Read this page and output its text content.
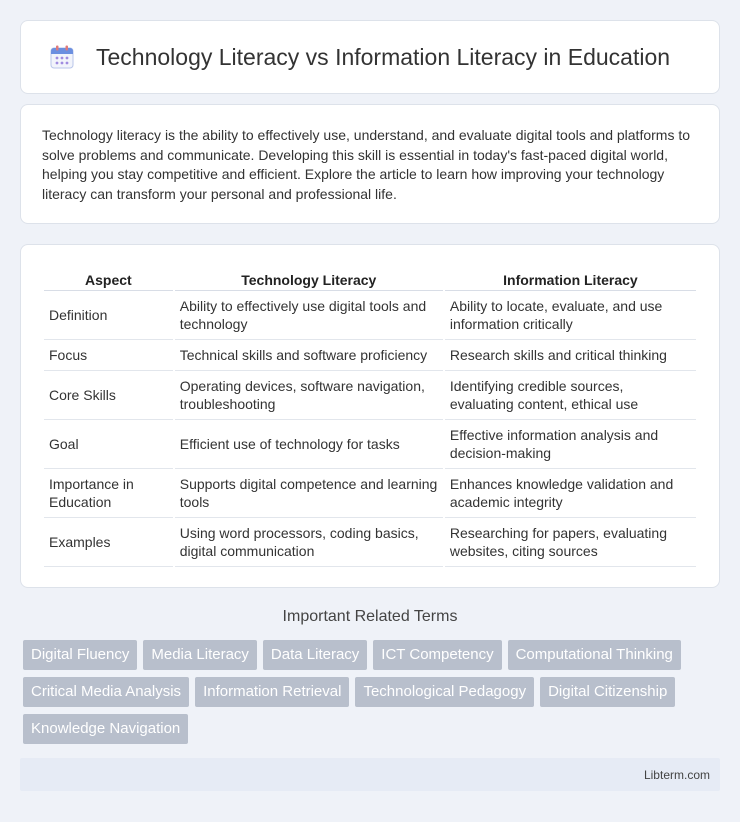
Technology Literacy vs Information Literacy in Education

Technology literacy is the ability to effectively use, understand, and evaluate digital tools and platforms to solve problems and communicate. Developing this skill is essential in today's fast-paced digital world, helping you stay competitive and efficient. Explore the article to learn how improving your technology literacy can transform your personal and professional life.

Aspect	Technology Literacy	Information Literacy
Definition	Ability to effectively use digital tools and technology	Ability to locate, evaluate, and use information critically
Focus	Technical skills and software proficiency	Research skills and critical thinking
Core Skills	Operating devices, software navigation, troubleshooting	Identifying credible sources, evaluating content, ethical use
Goal	Efficient use of technology for tasks	Effective information analysis and decision-making
Importance in Education	Supports digital competence and learning tools	Enhances knowledge validation and academic integrity
Examples	Using word processors, coding basics, digital communication	Researching for papers, evaluating websites, citing sources
Important Related Terms
Digital Fluency	Media Literacy	Data Literacy	ICT Competency	Computational Thinking
Critical Media Analysis	Information Retrieval	Technological Pedagogy	Digital Citizenship
Knowledge Navigation
Libterm.com
